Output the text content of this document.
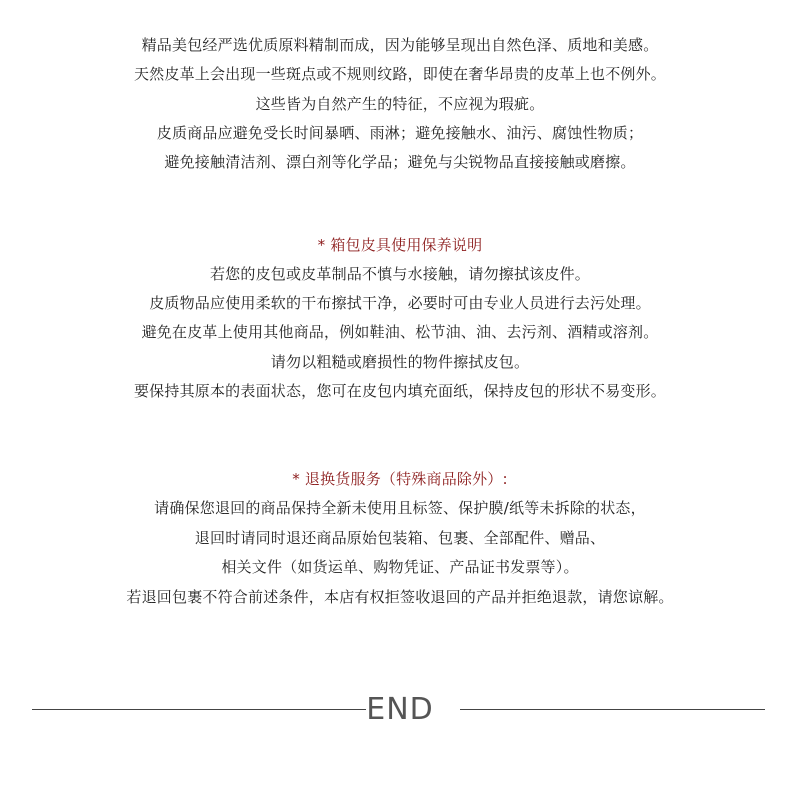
精品美包经严选优质原料精制而成，因为能够呈现出自然色泽、质地和美感。
天然皮革上会出现一些斑点或不规则纹路，即使在奢华昂贵的皮革上也不例外。
这些皆为自然产生的特征，不应视为瑕疵。
皮质商品应避免受长时间暴晒、雨淋；避免接触水、油污、腐蚀性物质；
避免接触清洁剂、漂白剂等化学品；避免与尖锐物品直接接触或磨擦。
* 箱包皮具使用保养说明
若您的皮包或皮革制品不慎与水接触，请勿擦拭该皮件。
皮质物品应使用柔软的干布擦拭干净，必要时可由专业人员进行去污处理。
避免在皮革上使用其他商品，例如鞋油、松节油、油、去污剂、酒精或溶剂。
请勿以粗糙或磨损性的物件擦拭皮包。
要保持其原本的表面状态，您可在皮包内填充面纸，保持皮包的形状不易变形。
* 退换货服务（特殊商品除外）:
请确保您退回的商品保持全新未使用且标签、保护膜/纸等未拆除的状态，
退回时请同时退还商品原始包装箱、包裹、全部配件、赠品、
相关文件（如货运单、购物凭证、产品证书发票等）。
若退回包裹不符合前述条件，本店有权拒签收退回的产品并拒绝退款，请您谅解。
END
